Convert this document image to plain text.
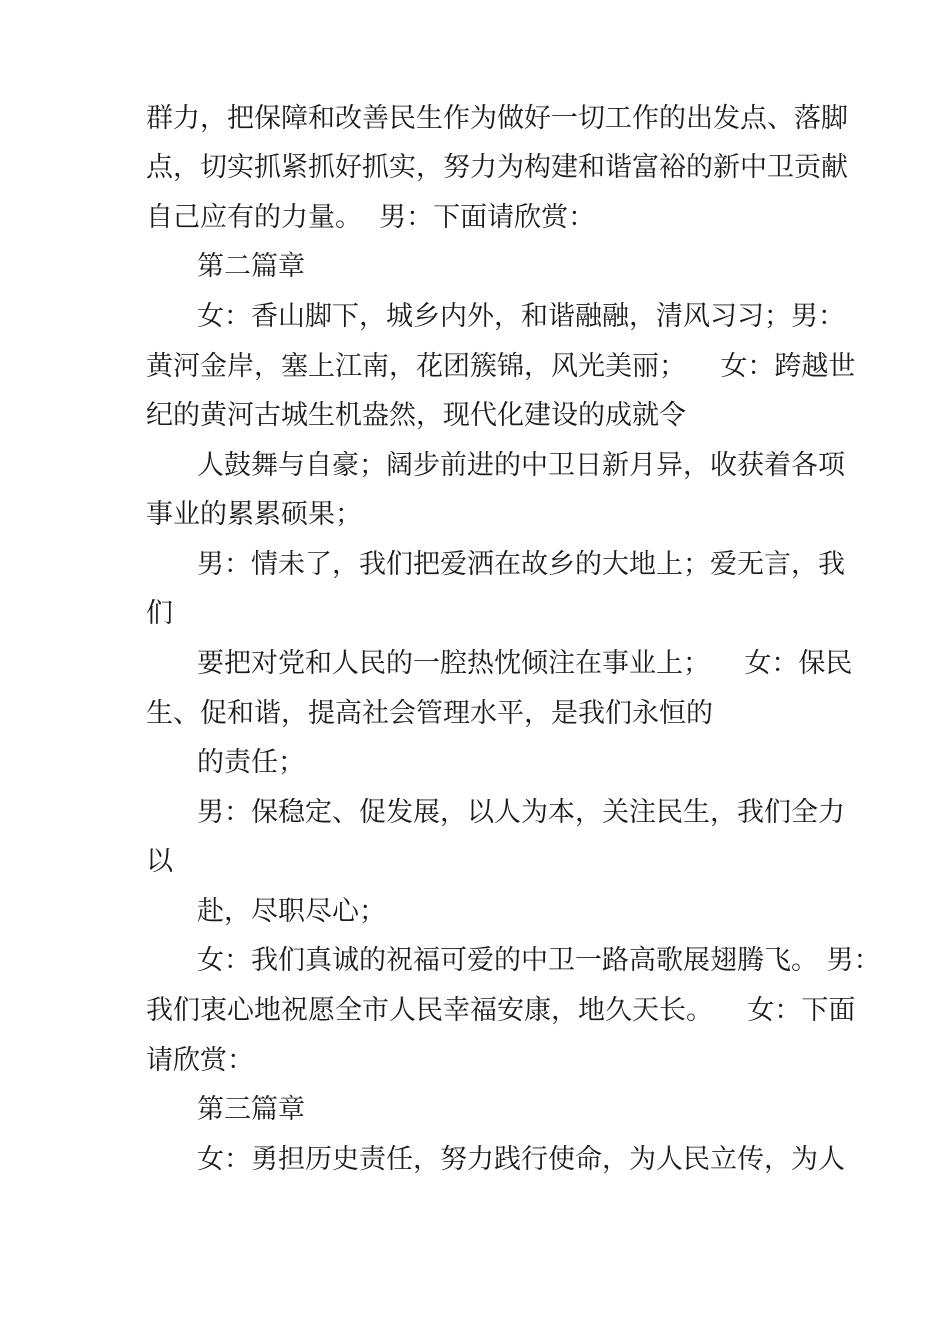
群力，把保障和改善民生作为做好一切工作的出发点、落脚
点，切实抓紧抓好抓实，努力为构建和谐富裕的新中卫贡献
自己应有的力量。  男：下面请欣赏：
第二篇章
女：香山脚下，城乡内外，和谐融融，清风习习；男：
黄河金岸，塞上江南，花团簇锦，风光美丽；    女：跨越世
纪的黄河古城生机盎然，现代化建设的成就令
人鼓舞与自豪；阔步前进的中卫日新月异，收获着各项
事业的累累硕果；
男：情未了，我们把爱洒在故乡的大地上；爱无言，我
们
要把对党和人民的一腔热忱倾注在事业上；    女：保民
生、促和谐，提高社会管理水平，是我们永恒的
的责任；
男：保稳定、促发展，以人为本，关注民生，我们全力
以
赴，尽职尽心；
女：我们真诚的祝福可爱的中卫一路高歌展翅腾飞。 男：
我们衷心地祝愿全市人民幸福安康，地久天长。    女：下面
请欣赏：
第三篇章
女：勇担历史责任，努力践行使命，为人民立传，为人
